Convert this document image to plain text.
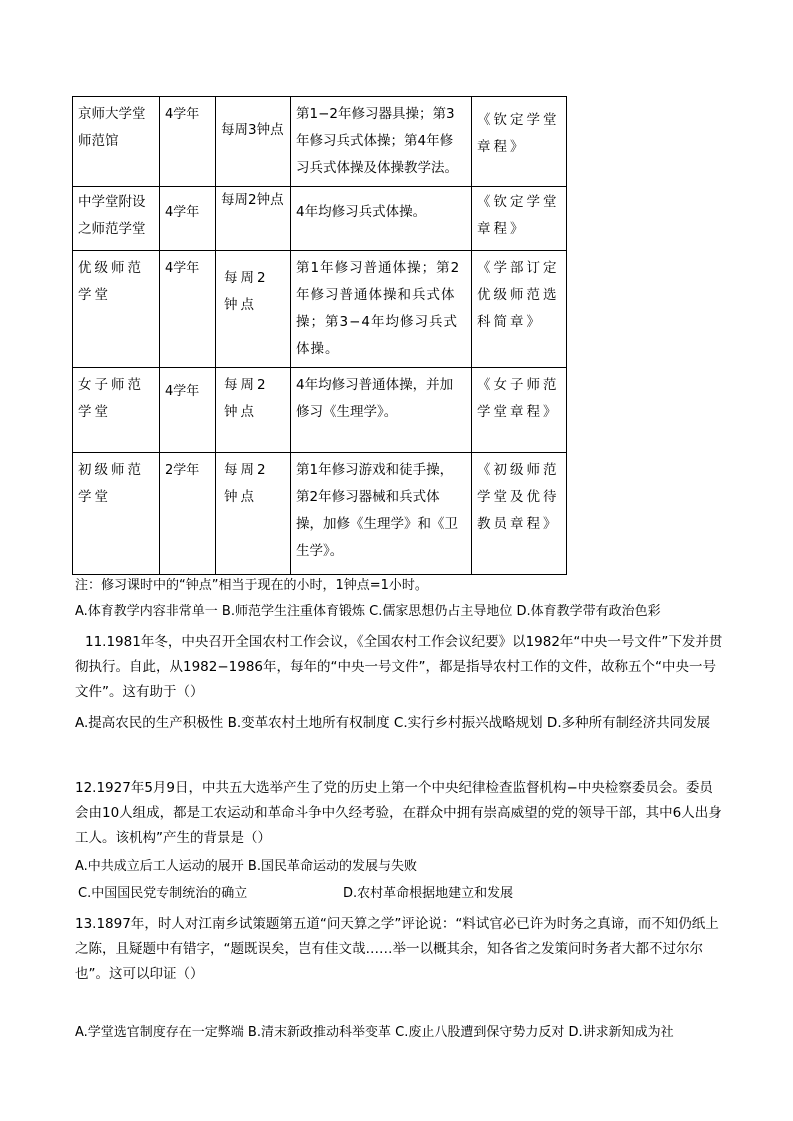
京师大学堂师范馆	4学年	每周3钟点	第1−2年修习器具操；第3年修习兵式体操；第4年修习兵式体操及体操教学法。	《钦定学堂章程》
中学堂附设之师范学堂	4学年	每周2钟点	4年均修习兵式体操。	《钦定学堂章程》
优级师范学堂	4学年	每周2钟点	第1年修习普通体操；第2年修习普通体操和兵式体操；第3−4年均修习兵式体操。	《学部订定优级师范选科简章》
女子师范学堂	4学年	每周2钟点	4年均修习普通体操，并加修习《生理学》。	《女子师范学堂章程》
初级师范学堂	2学年	每周2钟点	第1年修习游戏和徒手操，第2年修习器械和兵式体操，加修《生理学》和《卫生学》。	《初级师范学堂及优待教员章程》
注：修习课时中的“钟点”相当于现在的小时，1钟点=1小时。
A.体育教学内容非常单一 B.师范学生注重体育锻炼 C.儒家思想仍占主导地位 D.体育教学带有政治色彩
11.1981年冬，中央召开全国农村工作会议，《全国农村工作会议纪要》以1982年“中央一号文件”下发并贯彻执行。自此，从1982−1986年，每年的“中央一号文件”，都是指导农村工作的文件，故称五个“中央一号文件”。这有助于（）
A.提高农民的生产积极性 B.变革农村土地所有权制度 C.实行乡村振兴战略规划 D.多种所有制经济共同发展
12.1927年5月9日，中共五大选举产生了党的历史上第一个中央纪律检查监督机构−中央检察委员会。委员会由10人组成，都是工农运动和革命斗争中久经考验，在群众中拥有崇高威望的党的领导干部，其中6人出身工人。该机构”产生的背景是（）
A.中共成立后工人运动的展开 B.国民革命运动的发展与失败
C.中国国民党专制统治的确立	D.农村革命根据地建立和发展
13.1897年，时人对江南乡试策题第五道“问天算之学”评论说：“料试官必已许为时务之真谛，而不知仍纸上之陈，且疑题中有错字，“题既误矣，岂有佳文哉……举一以概其余，知各省之发策问时务者大都不过尔尔也”。这可以印证（）
A.学堂选官制度存在一定弊端 B.清末新政推动科举变革 C.废止八股遭到保守势力反对 D.讲求新知成为社
